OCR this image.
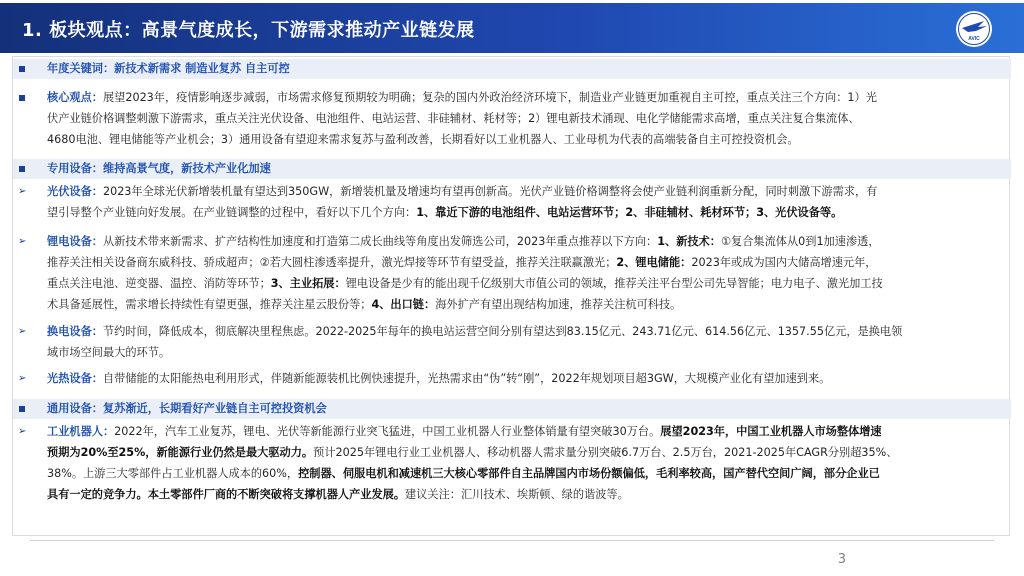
1. 板块观点：高景气度成长，下游需求推动产业链发展	AVIC
年度关键词：新技术新需求 制造业复苏 自主可控
核心观点：展望2023年，疫情影响逐步减弱，市场需求修复预期较为明确；复杂的国内外政治经济环境下，制造业产业链更加重视自主可控，重点关注三个方向：1）光
伏产业链价格调整刺激下游需求，重点关注光伏设备、电池组件、电站运营、非硅辅材、耗材等；2）锂电新技术涌现、电化学储能需求高增，重点关注复合集流体、
4680电池、锂电储能等产业机会；3）通用设备有望迎来需求复苏与盈利改善，长期看好以工业机器人、工业母机为代表的高端装备自主可控投资机会。
专用设备：维持高景气度，新技术产业化加速
➢ 光伏设备：2023年全球光伏新增装机量有望达到350GW，新增装机量及增速均有望再创新高。光伏产业链价格调整将会使产业链利润重新分配，同时刺激下游需求，有
望引导整个产业链向好发展。在产业链调整的过程中，看好以下几个方向：1、靠近下游的电池组件、电站运营环节；2、非硅辅材、耗材环节；3、光伏设备等。
➢ 锂电设备：从新技术带来新需求、扩产结构性加速度和打造第二成长曲线等角度出发筛选公司，2023年重点推荐以下方向：1、新技术：①复合集流体从0到1加速渗透，
推荐关注相关设备商东威科技、骄成超声；②若大圆柱渗透率提升，激光焊接等环节有望受益，推荐关注联赢激光；2、锂电储能：2023年或成为国内大储高增速元年，
重点关注电池、逆变器、温控、消防等环节；3、主业拓展：锂电设备是少有的能出现千亿级别大市值公司的领域，推荐关注平台型公司先导智能；电力电子、激光加工技
术具备延展性，需求增长持续性有望更强，推荐关注星云股份等；4、出口链：海外扩产有望出现结构加速，推荐关注杭可科技。
➢ 换电设备：节约时间，降低成本，彻底解决里程焦虑。2022-2025年每年的换电站运营空间分别有望达到83.15亿元、243.71亿元、614.56亿元、1357.55亿元，是换电领
域市场空间最大的环节。
➢ 光热设备：自带储能的太阳能热电利用形式，伴随新能源装机比例快速提升，光热需求由“伪”转“刚”，2022年规划项目超3GW，大规模产业化有望加速到来。
通用设备：复苏渐近，长期看好产业链自主可控投资机会
➢ 工业机器人：2022年，汽车工业复苏，锂电、光伏等新能源行业突飞猛进，中国工业机器人行业整体销量有望突破30万台。展望2023年，中国工业机器人市场整体增速
预期为20%至25%，新能源行业仍然是最大驱动力。预计2025年锂电行业工业机器人、移动机器人需求量分别突破6.7万台、2.5万台，2021-2025年CAGR分别超35%、
38%。上游三大零部件占工业机器人成本的60%，控制器、伺服电机和减速机三大核心零部件自主品牌国内市场份额偏低，毛利率较高，国产替代空间广阔，部分企业已
具有一定的竞争力。本土零部件厂商的不断突破将支撑机器人产业发展。建议关注：汇川技术、埃斯顿、绿的谐波等。
3
